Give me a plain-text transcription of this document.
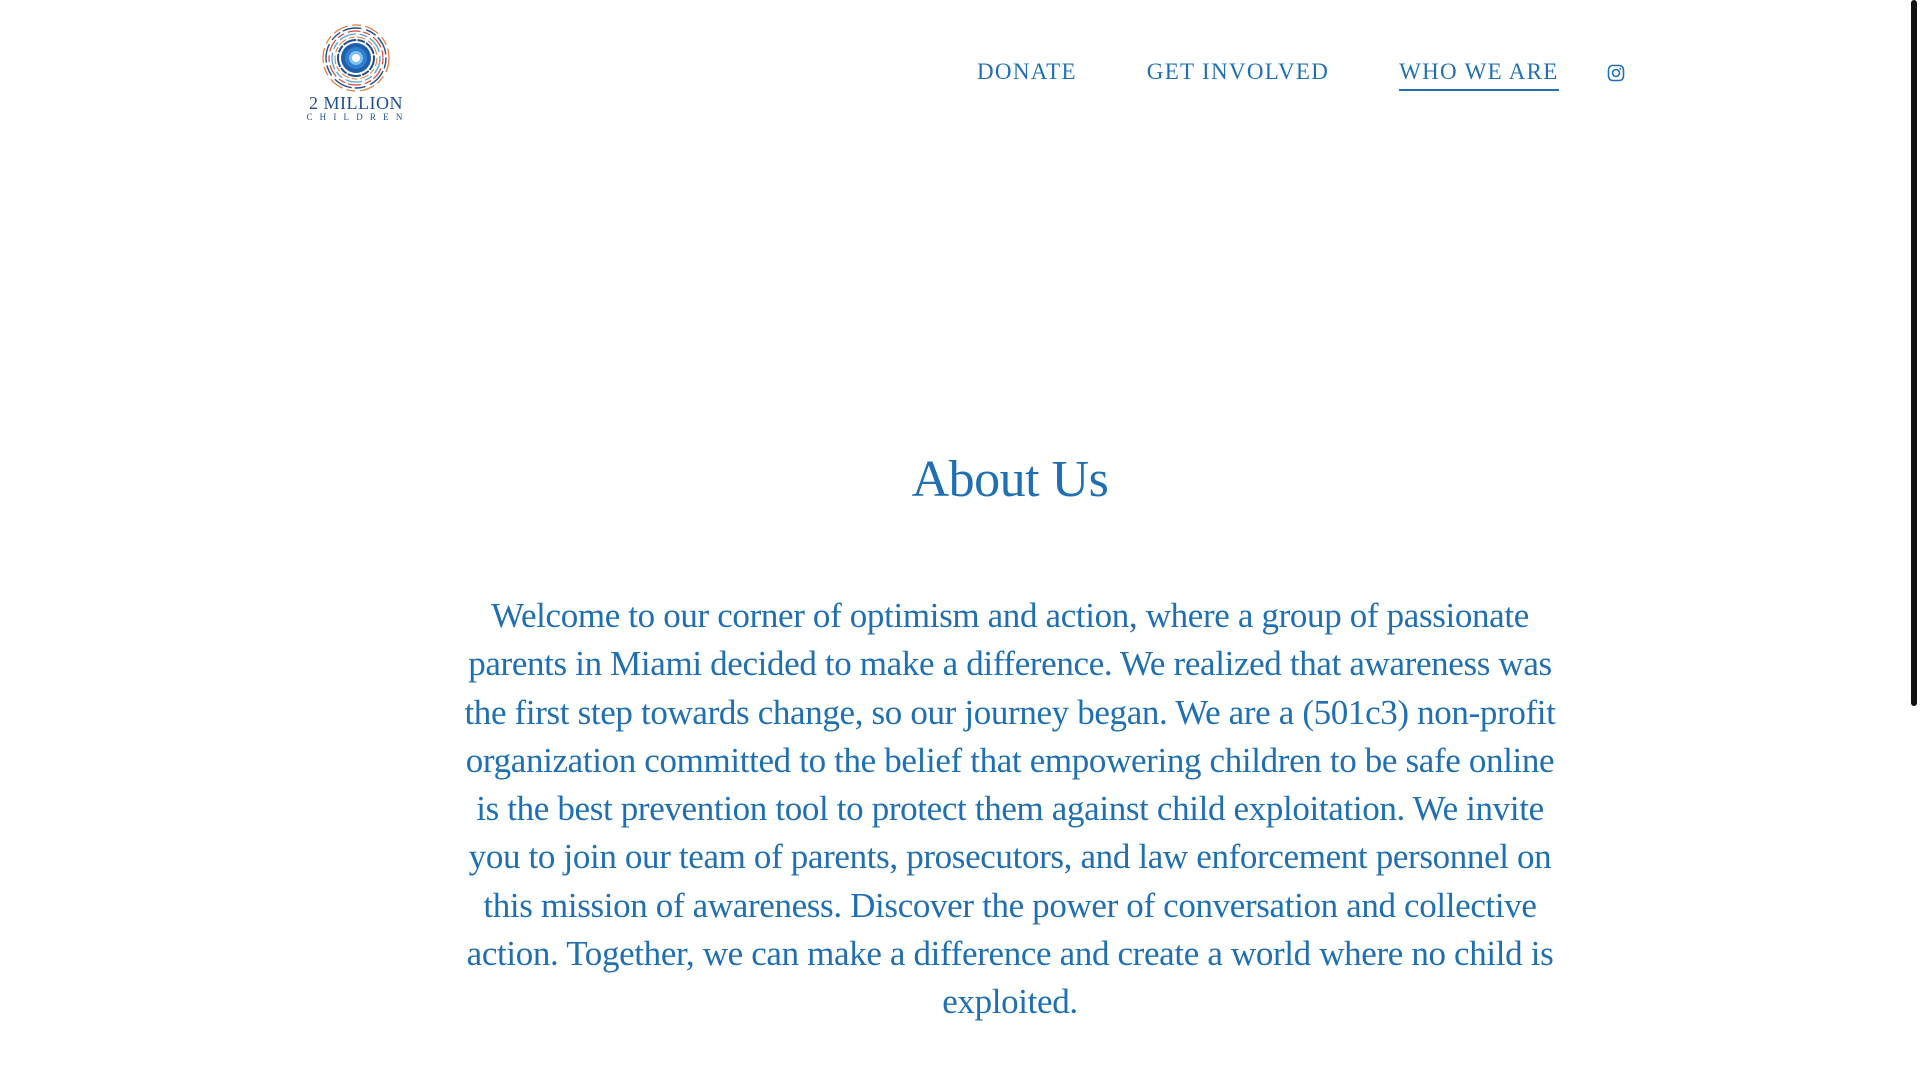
2 MILLION
CHILDREN
DONATE	GET INVOLVED	WHO WE ARE
About Us

Welcome to our corner of optimism and action, where a group of passionate parents in Miami decided to make a difference. We realized that awareness was the first step towards change, so our journey began. We are a (501c3) non-profit organization committed to the belief that empowering children to be safe online is the best prevention tool to protect them against child exploitation. We invite you to join our team of parents, prosecutors, and law enforcement personnel on this mission of awareness. Discover the power of conversation and collective action. Together, we can make a difference and create a world where no child is exploited.
